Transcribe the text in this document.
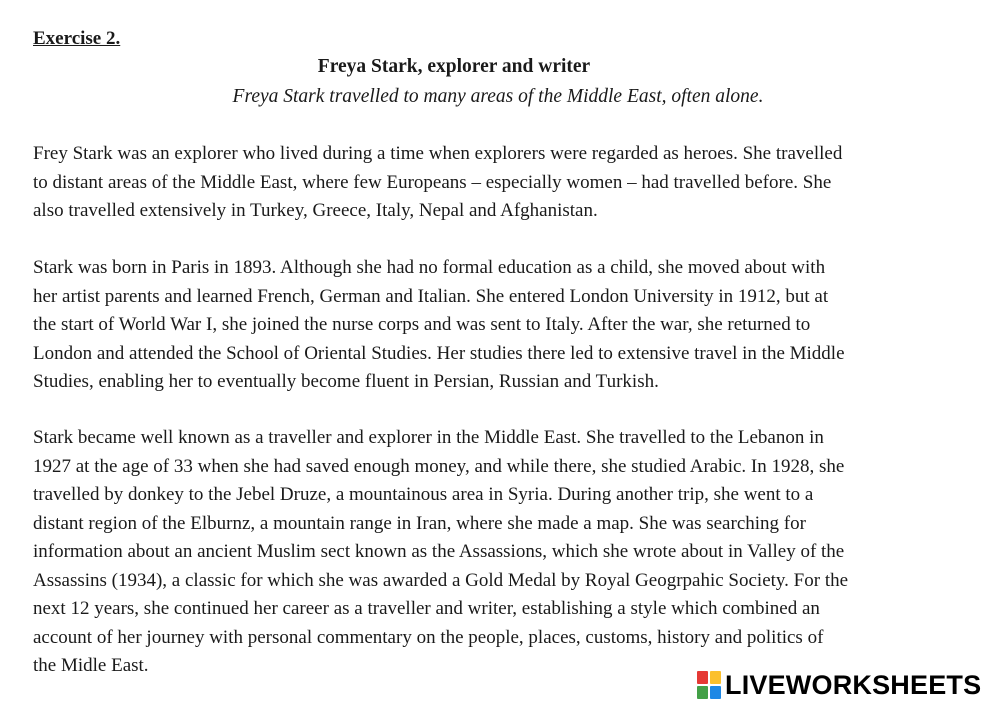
Exercise 2.
Freya Stark, explorer and writer

Freya Stark travelled to many areas of the Middle East, often alone.

Frey Stark was an explorer who lived during a time when explorers were regarded as heroes. She travelled
to distant areas of the Middle East, where few Europeans – especially women – had travelled before. She
also travelled extensively in Turkey, Greece, Italy, Nepal and Afghanistan.

Stark was born in Paris in 1893. Although she had no formal education as a child, she moved about with
her artist parents and learned French, German and Italian. She entered London University in 1912, but at
the start of World War I, she joined the nurse corps and was sent to Italy. After the war, she returned to
London and attended the School of Oriental Studies. Her studies there led to extensive travel in the Middle
Studies, enabling her to eventually become fluent in Persian, Russian and Turkish.

Stark became well known as a traveller and explorer in the Middle East. She travelled to the Lebanon in
1927 at the age of 33 when she had saved enough money, and while there, she studied Arabic. In 1928, she
travelled by donkey to the Jebel Druze, a mountainous area in Syria. During another trip, she went to a
distant region of the Elburnz, a mountain range in Iran, where she made a map. She was searching for
information about an ancient Muslim sect known as the Assassions, which she wrote about in Valley of the
Assassins (1934), a classic for which she was awarded a Gold Medal by Royal Geogrpahic Society. For the
next 12 years, she continued her career as a traveller and writer, establishing a style which combined an
account of her journey with personal commentary on the people, places, customs, history and politics of
the Midle East.

LIVEWORKSHEETS
